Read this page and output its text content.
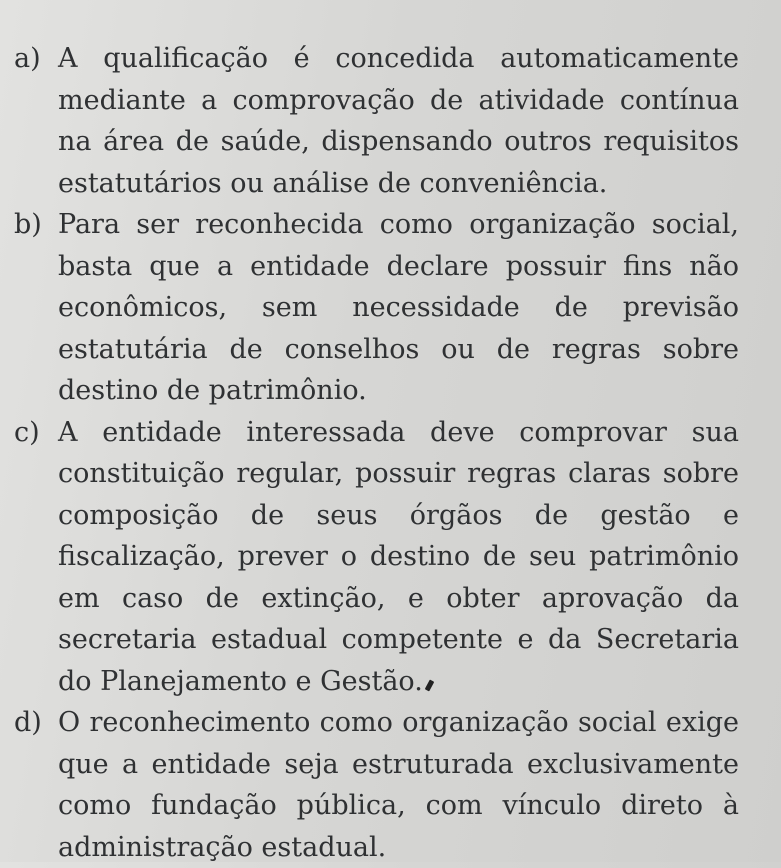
a) A qualificação é concedida automaticamente mediante a comprovação de atividade contínua na área de saúde, dispensando outros requisitos estatutários ou análise de conveniência.

b) Para ser reconhecida como organização social, basta que a entidade declare possuir fins não econômicos, sem necessidade de previsão estatutária de conselhos ou de regras sobre destino de patrimônio.

c) A entidade interessada deve comprovar sua constituição regular, possuir regras claras sobre composição de seus órgãos de gestão e fiscalização, prever o destino de seu patrimônio em caso de extinção, e obter aprovação da secretaria estadual competente e da Secretaria do Planejamento e Gestão.

d) O reconhecimento como organização social exige que a entidade seja estruturada exclusivamente como fundação pública, com vínculo direto à administração estadual.
